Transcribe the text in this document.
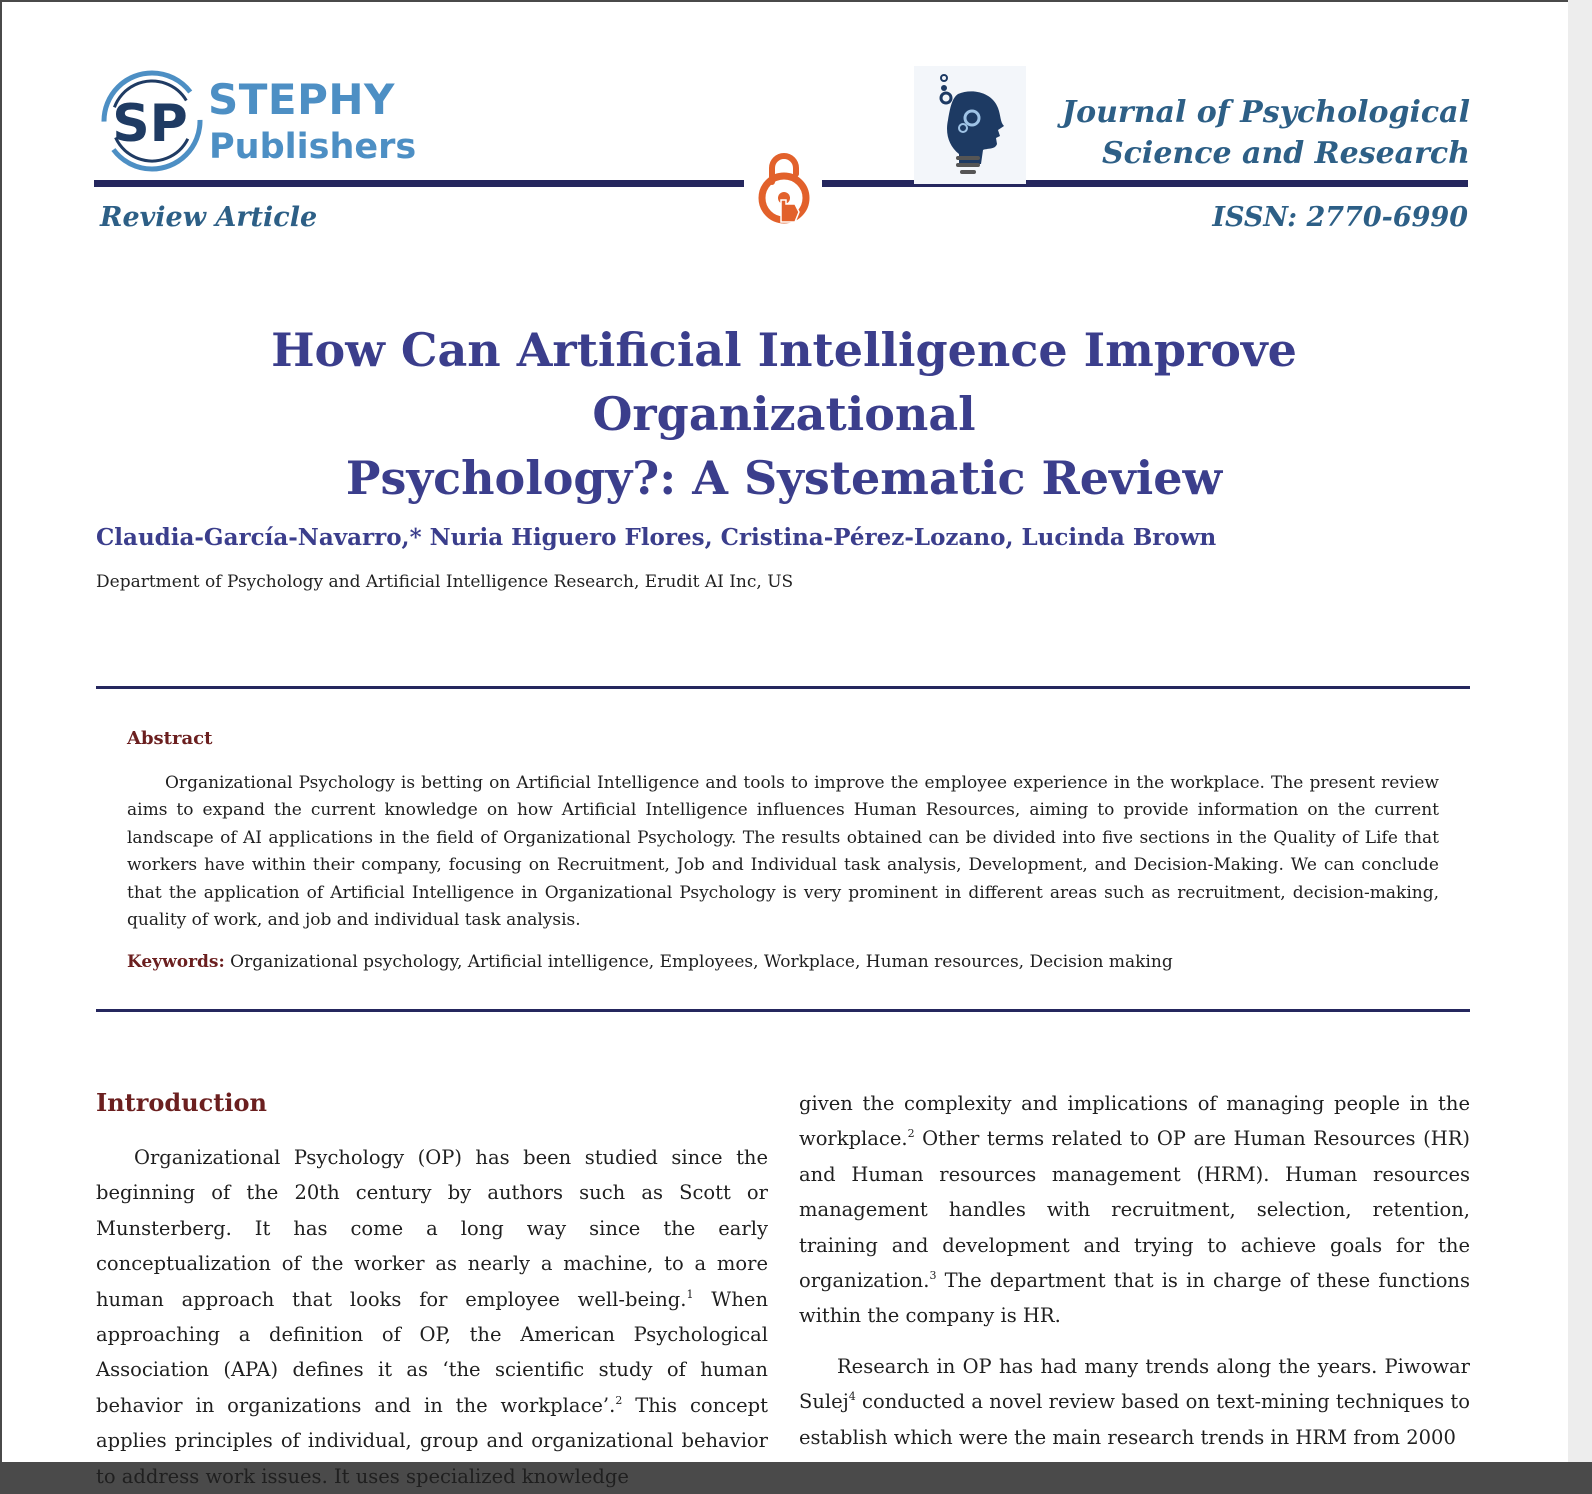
SP STEPHY
Publishers
Journal of Psychological
Science and Research
Review Article	ISSN: 2770-6990
How Can Artificial Intelligence Improve Organizational
Psychology?: A Systematic Review
Claudia-García-Navarro,* Nuria Higuero Flores, Cristina-Pérez-Lozano, Lucinda Brown
Department of Psychology and Artificial Intelligence Research, Erudit AI Inc, US
Abstract
Organizational Psychology is betting on Artificial Intelligence and tools to improve the employee experience in the workplace. The present review aims to expand the current knowledge on how Artificial Intelligence influences Human Resources, aiming to provide information on the current landscape of AI applications in the field of Organizational Psychology. The results obtained can be divided into five sections in the Quality of Life that workers have within their company, focusing on Recruitment, Job and Individual task analysis, Development, and Decision-Making. We can conclude that the application of Artificial Intelligence in Organizational Psychology is very prominent in different areas such as recruitment, decision-making, quality of work, and job and individual task analysis.
Keywords: Organizational psychology, Artificial intelligence, Employees, Workplace, Human resources, Decision making
Introduction

Organizational Psychology (OP) has been studied since the beginning of the 20th century by authors such as Scott or Munsterberg. It has come a long way since the early conceptualization of the worker as nearly a machine, to a more human approach that looks for employee well-being.$^1$ When approaching a definition of OP, the American Psychological Association (APA) defines it as ‘the scientific study of human behavior in organizations and in the workplace’.$^2$ This concept applies principles of individual, group and organizational behavior to address work issues. It uses specialized knowledge

given the complexity and implications of managing people in the workplace.$^2$ Other terms related to OP are Human Resources (HR) and Human resources management (HRM). Human resources management handles with recruitment, selection, retention, training and development and trying to achieve goals for the organization.$^3$ The department that is in charge of these functions within the company is HR.

Research in OP has had many trends along the years. Piwowar Sulej$^4$ conducted a novel review based on text-mining techniques to establish which were the main research trends in HRM from 2000
